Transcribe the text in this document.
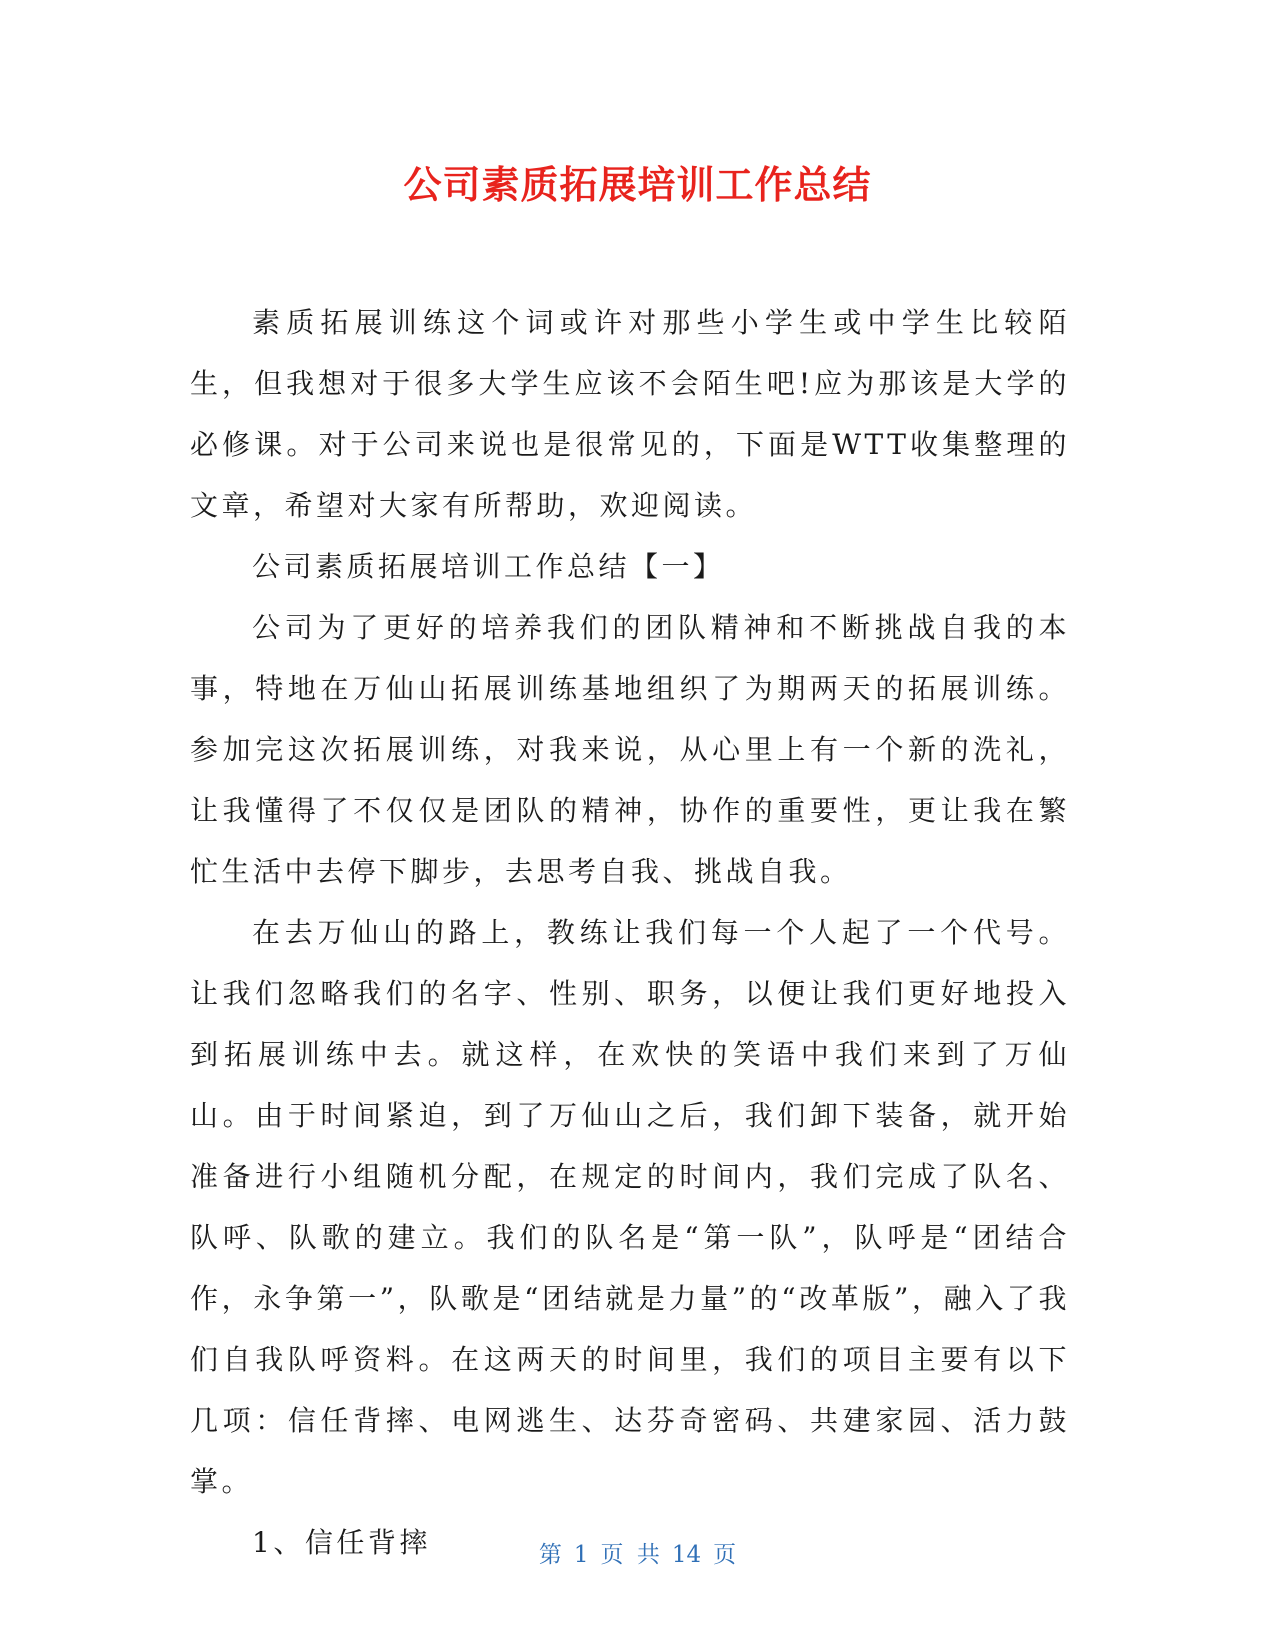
公司素质拓展培训工作总结

素质拓展训练这个词或许对那些小学生或中学生比较陌生，但我想对于很多大学生应该不会陌生吧!应为那该是大学的必修课。对于公司来说也是很常见的，下面是WTT收集整理的文章，希望对大家有所帮助，欢迎阅读。

公司素质拓展培训工作总结【一】

公司为了更好的培养我们的团队精神和不断挑战自我的本事，特地在万仙山拓展训练基地组织了为期两天的拓展训练。参加完这次拓展训练，对我来说，从心里上有一个新的洗礼，让我懂得了不仅仅是团队的精神，协作的重要性，更让我在繁忙生活中去停下脚步，去思考自我、挑战自我。

在去万仙山的路上，教练让我们每一个人起了一个代号。让我们忽略我们的名字、性别、职务，以便让我们更好地投入到拓展训练中去。就这样，在欢快的笑语中我们来到了万仙山。由于时间紧迫，到了万仙山之后，我们卸下装备，就开始准备进行小组随机分配，在规定的时间内，我们完成了队名、队呼、队歌的建立。我们的队名是“第一队”，队呼是“团结合作，永争第一”，队歌是“团结就是力量”的“改革版”，融入了我们自我队呼资料。在这两天的时间里，我们的项目主要有以下几项：信任背摔、电网逃生、达芬奇密码、共建家园、活力鼓掌。

1、信任背摔	第 1 页 共 14 页
